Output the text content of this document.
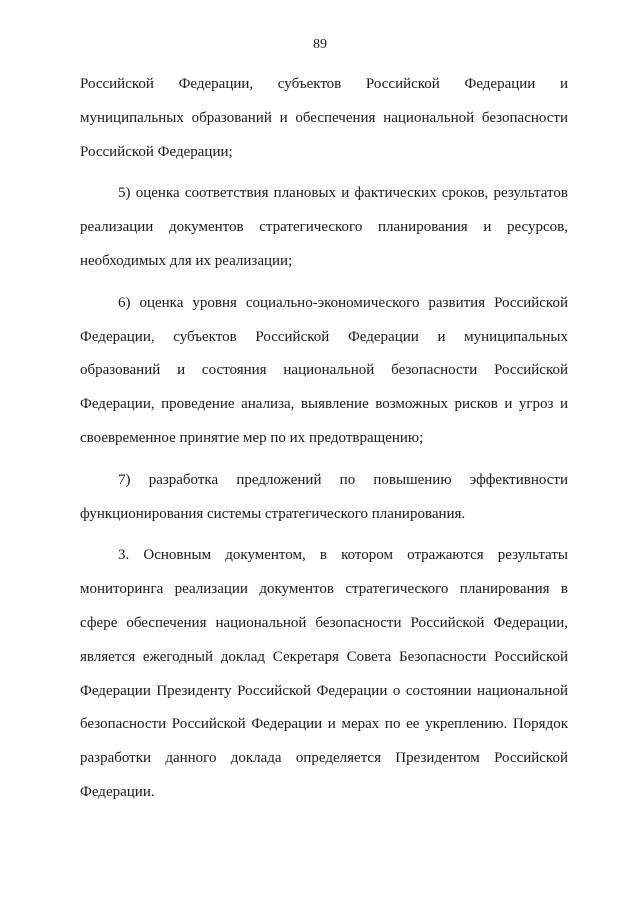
89

Российской Федерации, субъектов Российской Федерации и
муниципальных образований и обеспечения национальной безопасности
Российской Федерации;

5) оценка соответствия плановых и фактических сроков, результатов
реализации документов стратегического планирования и ресурсов,
необходимых для их реализации;

6) оценка уровня социально-экономического развития Российской
Федерации, субъектов Российской Федерации и муниципальных
образований и состояния национальной безопасности Российской
Федерации, проведение анализа, выявление возможных рисков и угроз и
своевременное принятие мер по их предотвращению;

7) разработка предложений по повышению эффективности
функционирования системы стратегического планирования.

3. Основным документом, в котором отражаются результаты
мониторинга реализации документов стратегического планирования в
сфере обеспечения национальной безопасности Российской Федерации,
является ежегодный доклад Секретаря Совета Безопасности Российской
Федерации Президенту Российской Федерации о состоянии национальной
безопасности Российской Федерации и мерах по ее укреплению. Порядок
разработки данного доклада определяется Президентом Российской
Федерации.
